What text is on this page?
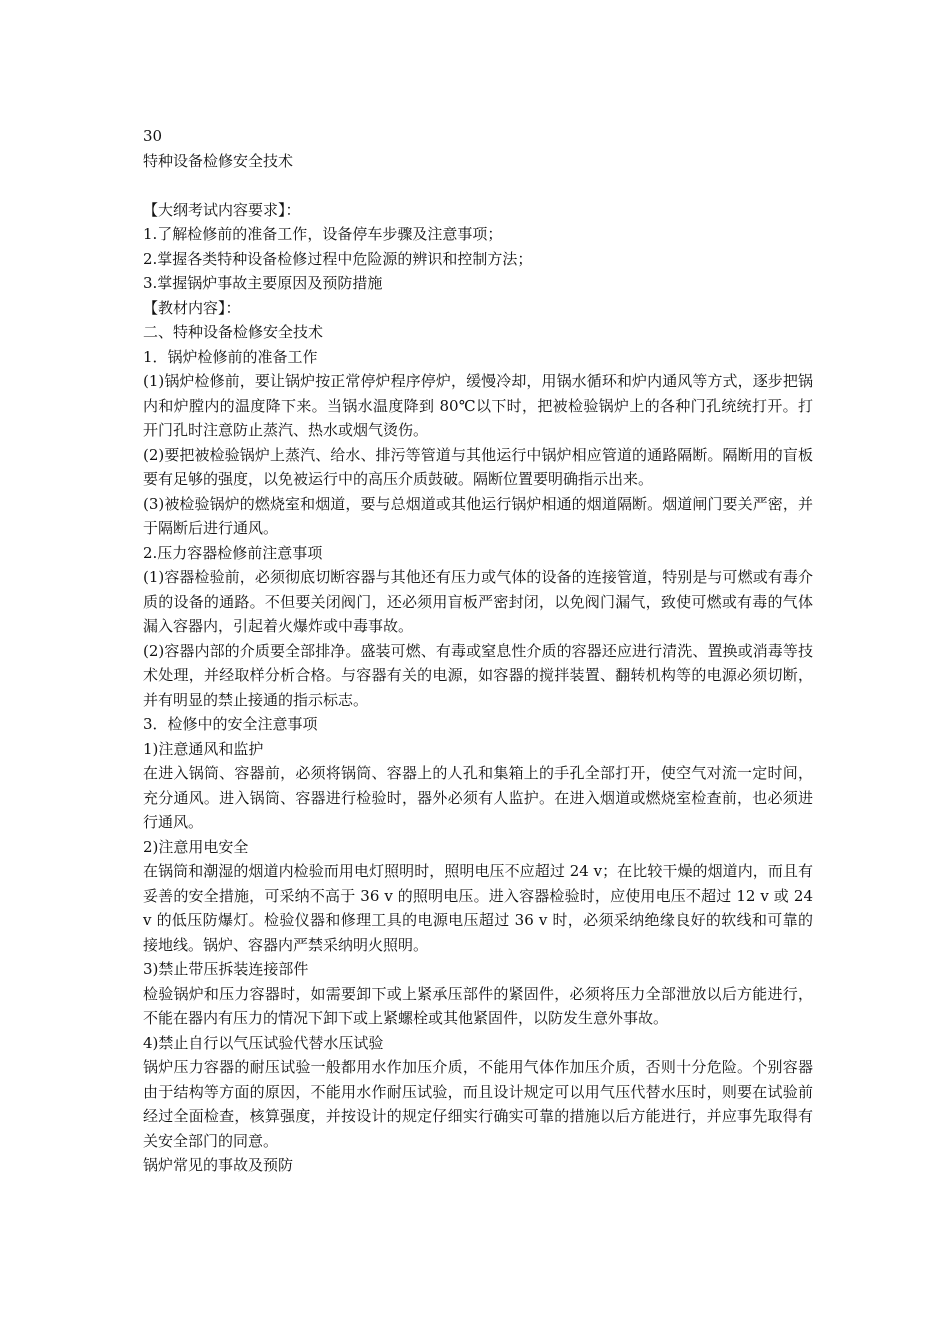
30
特种设备检修安全技术
【大纲考试内容要求】：
1.了解检修前的准备工作，设备停车步骤及注意事项；
2.掌握各类特种设备检修过程中危险源的辨识和控制方法；
3.掌握锅炉事故主要原因及预防措施
【教材内容】：
二、特种设备检修安全技术
1．锅炉检修前的准备工作

(1)锅炉检修前，要让锅炉按正常停炉程序停炉，缓慢冷却，用锅水循环和炉内通风等方式，逐步把锅内和炉膛内的温度降下来。当锅水温度降到 80℃以下时，把被检验锅炉上的各种门孔统统打开。打开门孔时注意防止蒸汽、热水或烟气烫伤。

(2)要把被检验锅炉上蒸汽、给水、排污等管道与其他运行中锅炉相应管道的通路隔断。隔断用的盲板要有足够的强度，以免被运行中的高压介质鼓破。隔断位置要明确指示出来。

(3)被检验锅炉的燃烧室和烟道，要与总烟道或其他运行锅炉相通的烟道隔断。烟道闸门要关严密，并于隔断后进行通风。

2.压力容器检修前注意事项

(1)容器检验前，必须彻底切断容器与其他还有压力或气体的设备的连接管道，特别是与可燃或有毒介质的设备的通路。不但要关闭阀门，还必须用盲板严密封闭，以免阀门漏气，致使可燃或有毒的气体漏入容器内，引起着火爆炸或中毒事故。

(2)容器内部的介质要全部排净。盛装可燃、有毒或窒息性介质的容器还应进行清洗、置换或消毒等技术处理，并经取样分析合格。与容器有关的电源，如容器的搅拌装置、翻转机构等的电源必须切断，并有明显的禁止接通的指示标志。

3．检修中的安全注意事项
1)注意通风和监护

在进入锅筒、容器前，必须将锅筒、容器上的人孔和集箱上的手孔全部打开，使空气对流一定时间，充分通风。进入锅筒、容器进行检验时，器外必须有人监护。在进入烟道或燃烧室检查前，也必须进行通风。

2)注意用电安全

在锅筒和潮湿的烟道内检验而用电灯照明时，照明电压不应超过 24 v；在比较干燥的烟道内，而且有妥善的安全措施，可采纳不高于 36 v 的照明电压。进入容器检验时，应使用电压不超过 12 v 或 24 v 的低压防爆灯。检验仪器和修理工具的电源电压超过 36 v 时，必须采纳绝缘良好的软线和可靠的接地线。锅炉、容器内严禁采纳明火照明。

3)禁止带压拆装连接部件

检验锅炉和压力容器时，如需要卸下或上紧承压部件的紧固件，必须将压力全部泄放以后方能进行，不能在器内有压力的情况下卸下或上紧螺栓或其他紧固件，以防发生意外事故。

4)禁止自行以气压试验代替水压试验

锅炉压力容器的耐压试验一般都用水作加压介质，不能用气体作加压介质，否则十分危险。个别容器由于结构等方面的原因，不能用水作耐压试验，而且设计规定可以用气压代替水压时，则要在试验前经过全面检查，核算强度，并按设计的规定仔细实行确实可靠的措施以后方能进行，并应事先取得有关安全部门的同意。

锅炉常见的事故及预防
